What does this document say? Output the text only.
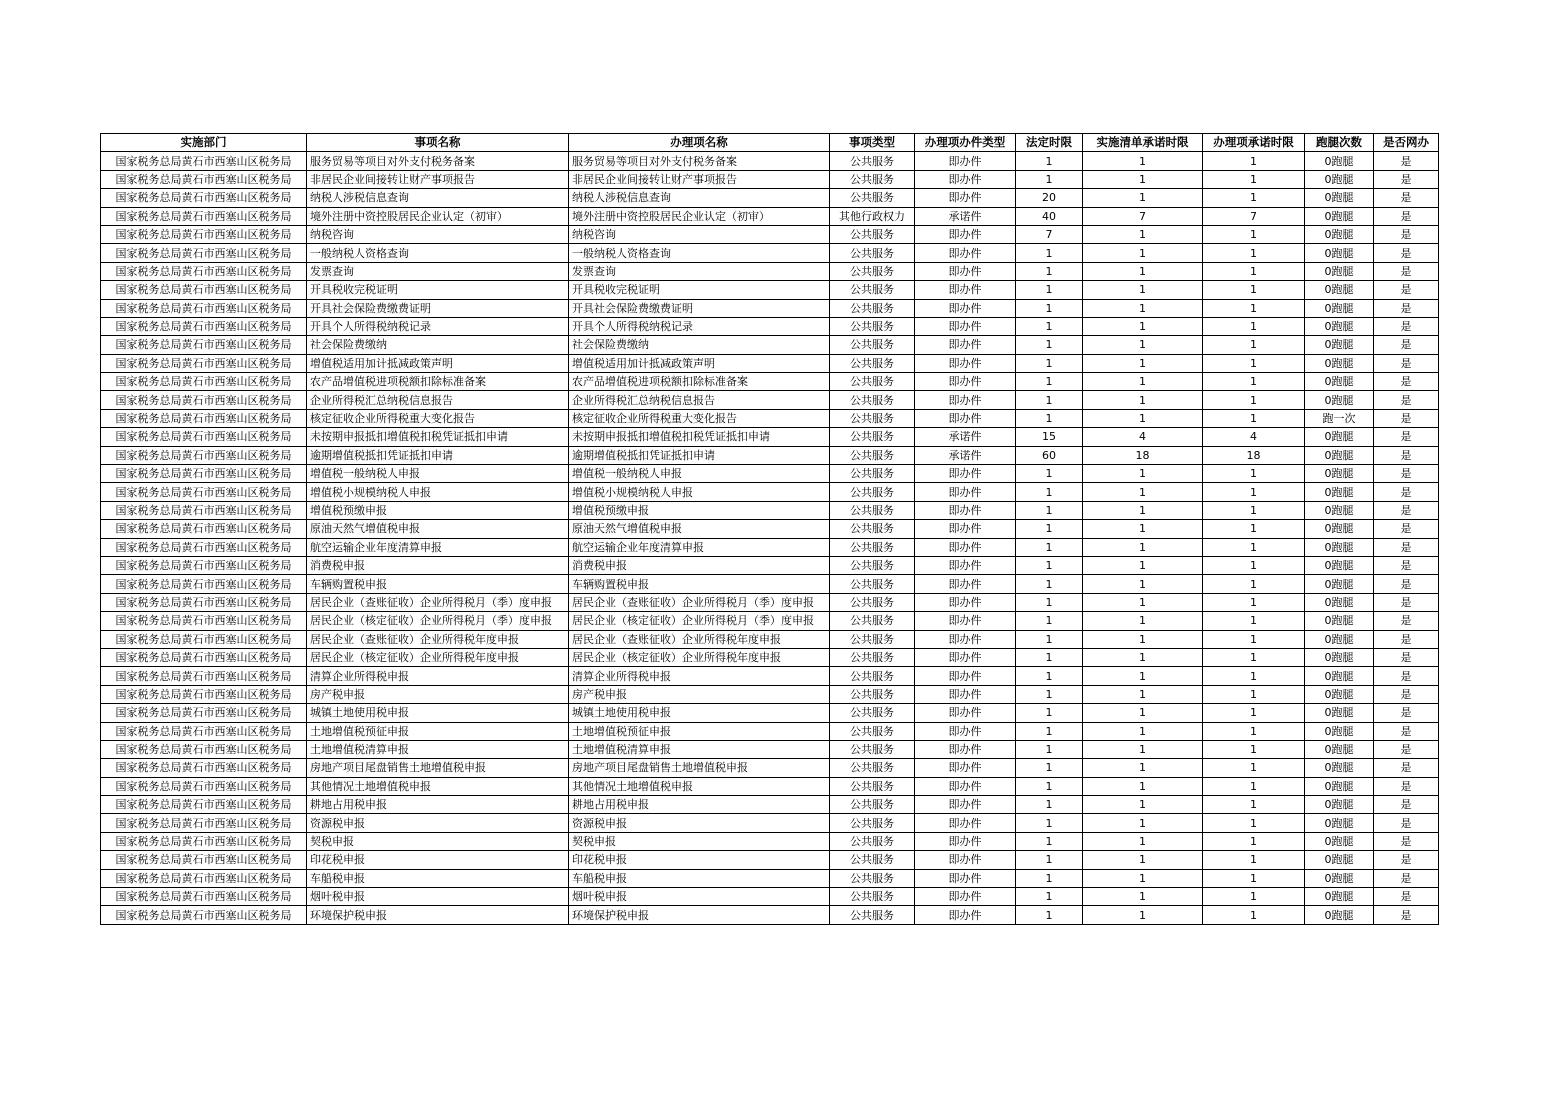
实施部门	事项名称	办理项名称	事项类型	办理项办件类型	法定时限	实施清单承诺时限	办理项承诺时限	跑腿次数	是否网办
国家税务总局黄石市西塞山区税务局	服务贸易等项目对外支付税务备案	服务贸易等项目对外支付税务备案	公共服务	即办件	1	1	1	0跑腿	是
国家税务总局黄石市西塞山区税务局	非居民企业间接转让财产事项报告	非居民企业间接转让财产事项报告	公共服务	即办件	1	1	1	0跑腿	是
国家税务总局黄石市西塞山区税务局	纳税人涉税信息查询	纳税人涉税信息查询	公共服务	即办件	20	1	1	0跑腿	是
国家税务总局黄石市西塞山区税务局	境外注册中资控股居民企业认定（初审）	境外注册中资控股居民企业认定（初审）	其他行政权力	承诺件	40	7	7	0跑腿	是
国家税务总局黄石市西塞山区税务局	纳税咨询	纳税咨询	公共服务	即办件	7	1	1	0跑腿	是
国家税务总局黄石市西塞山区税务局	一般纳税人资格查询	一般纳税人资格查询	公共服务	即办件	1	1	1	0跑腿	是
国家税务总局黄石市西塞山区税务局	发票查询	发票查询	公共服务	即办件	1	1	1	0跑腿	是
国家税务总局黄石市西塞山区税务局	开具税收完税证明	开具税收完税证明	公共服务	即办件	1	1	1	0跑腿	是
国家税务总局黄石市西塞山区税务局	开具社会保险费缴费证明	开具社会保险费缴费证明	公共服务	即办件	1	1	1	0跑腿	是
国家税务总局黄石市西塞山区税务局	开具个人所得税纳税记录	开具个人所得税纳税记录	公共服务	即办件	1	1	1	0跑腿	是
国家税务总局黄石市西塞山区税务局	社会保险费缴纳	社会保险费缴纳	公共服务	即办件	1	1	1	0跑腿	是
国家税务总局黄石市西塞山区税务局	增值税适用加计抵减政策声明	增值税适用加计抵减政策声明	公共服务	即办件	1	1	1	0跑腿	是
国家税务总局黄石市西塞山区税务局	农产品增值税进项税额扣除标准备案	农产品增值税进项税额扣除标准备案	公共服务	即办件	1	1	1	0跑腿	是
国家税务总局黄石市西塞山区税务局	企业所得税汇总纳税信息报告	企业所得税汇总纳税信息报告	公共服务	即办件	1	1	1	0跑腿	是
国家税务总局黄石市西塞山区税务局	核定征收企业所得税重大变化报告	核定征收企业所得税重大变化报告	公共服务	即办件	1	1	1	跑一次	是
国家税务总局黄石市西塞山区税务局	未按期申报抵扣增值税扣税凭证抵扣申请	未按期申报抵扣增值税扣税凭证抵扣申请	公共服务	承诺件	15	4	4	0跑腿	是
国家税务总局黄石市西塞山区税务局	逾期增值税抵扣凭证抵扣申请	逾期增值税抵扣凭证抵扣申请	公共服务	承诺件	60	18	18	0跑腿	是
国家税务总局黄石市西塞山区税务局	增值税一般纳税人申报	增值税一般纳税人申报	公共服务	即办件	1	1	1	0跑腿	是
国家税务总局黄石市西塞山区税务局	增值税小规模纳税人申报	增值税小规模纳税人申报	公共服务	即办件	1	1	1	0跑腿	是
国家税务总局黄石市西塞山区税务局	增值税预缴申报	增值税预缴申报	公共服务	即办件	1	1	1	0跑腿	是
国家税务总局黄石市西塞山区税务局	原油天然气增值税申报	原油天然气增值税申报	公共服务	即办件	1	1	1	0跑腿	是
国家税务总局黄石市西塞山区税务局	航空运输企业年度清算申报	航空运输企业年度清算申报	公共服务	即办件	1	1	1	0跑腿	是
国家税务总局黄石市西塞山区税务局	消费税申报	消费税申报	公共服务	即办件	1	1	1	0跑腿	是
国家税务总局黄石市西塞山区税务局	车辆购置税申报	车辆购置税申报	公共服务	即办件	1	1	1	0跑腿	是
国家税务总局黄石市西塞山区税务局	居民企业（查账征收）企业所得税月（季）度申报	居民企业（查账征收）企业所得税月（季）度申报	公共服务	即办件	1	1	1	0跑腿	是
国家税务总局黄石市西塞山区税务局	居民企业（核定征收）企业所得税月（季）度申报	居民企业（核定征收）企业所得税月（季）度申报	公共服务	即办件	1	1	1	0跑腿	是
国家税务总局黄石市西塞山区税务局	居民企业（查账征收）企业所得税年度申报	居民企业（查账征收）企业所得税年度申报	公共服务	即办件	1	1	1	0跑腿	是
国家税务总局黄石市西塞山区税务局	居民企业（核定征收）企业所得税年度申报	居民企业（核定征收）企业所得税年度申报	公共服务	即办件	1	1	1	0跑腿	是
国家税务总局黄石市西塞山区税务局	清算企业所得税申报	清算企业所得税申报	公共服务	即办件	1	1	1	0跑腿	是
国家税务总局黄石市西塞山区税务局	房产税申报	房产税申报	公共服务	即办件	1	1	1	0跑腿	是
国家税务总局黄石市西塞山区税务局	城镇土地使用税申报	城镇土地使用税申报	公共服务	即办件	1	1	1	0跑腿	是
国家税务总局黄石市西塞山区税务局	土地增值税预征申报	土地增值税预征申报	公共服务	即办件	1	1	1	0跑腿	是
国家税务总局黄石市西塞山区税务局	土地增值税清算申报	土地增值税清算申报	公共服务	即办件	1	1	1	0跑腿	是
国家税务总局黄石市西塞山区税务局	房地产项目尾盘销售土地增值税申报	房地产项目尾盘销售土地增值税申报	公共服务	即办件	1	1	1	0跑腿	是
国家税务总局黄石市西塞山区税务局	其他情况土地增值税申报	其他情况土地增值税申报	公共服务	即办件	1	1	1	0跑腿	是
国家税务总局黄石市西塞山区税务局	耕地占用税申报	耕地占用税申报	公共服务	即办件	1	1	1	0跑腿	是
国家税务总局黄石市西塞山区税务局	资源税申报	资源税申报	公共服务	即办件	1	1	1	0跑腿	是
国家税务总局黄石市西塞山区税务局	契税申报	契税申报	公共服务	即办件	1	1	1	0跑腿	是
国家税务总局黄石市西塞山区税务局	印花税申报	印花税申报	公共服务	即办件	1	1	1	0跑腿	是
国家税务总局黄石市西塞山区税务局	车船税申报	车船税申报	公共服务	即办件	1	1	1	0跑腿	是
国家税务总局黄石市西塞山区税务局	烟叶税申报	烟叶税申报	公共服务	即办件	1	1	1	0跑腿	是
国家税务总局黄石市西塞山区税务局	环境保护税申报	环境保护税申报	公共服务	即办件	1	1	1	0跑腿	是
